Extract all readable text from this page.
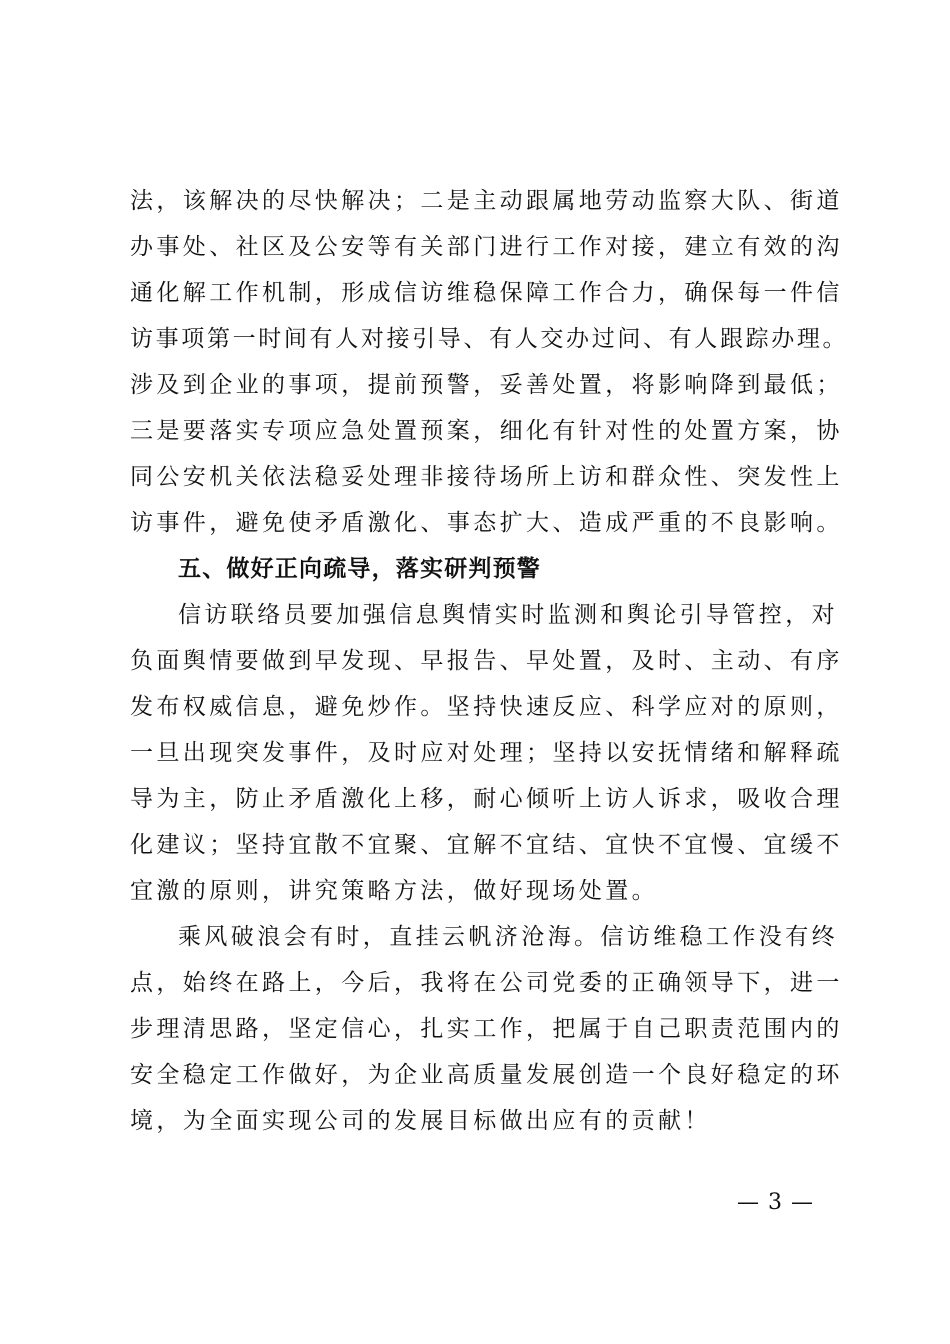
法，该解决的尽快解决；二是主动跟属地劳动监察大队、街道
办事处、社区及公安等有关部门进行工作对接，建立有效的沟
通化解工作机制，形成信访维稳保障工作合力，确保每一件信
访事项第一时间有人对接引导、有人交办过问、有人跟踪办理。
涉及到企业的事项，提前预警，妥善处置，将影响降到最低；
三是要落实专项应急处置预案，细化有针对性的处置方案，协
同公安机关依法稳妥处理非接待场所上访和群众性、突发性上
访事件，避免使矛盾激化、事态扩大、造成严重的不良影响。
五、做好正向疏导，落实研判预警
信访联络员要加强信息舆情实时监测和舆论引导管控，对
负面舆情要做到早发现、早报告、早处置，及时、主动、有序
发布权威信息，避免炒作。坚持快速反应、科学应对的原则，
一旦出现突发事件，及时应对处理；坚持以安抚情绪和解释疏
导为主，防止矛盾激化上移，耐心倾听上访人诉求，吸收合理
化建议；坚持宜散不宜聚、宜解不宜结、宜快不宜慢、宜缓不
宜激的原则，讲究策略方法，做好现场处置。
乘风破浪会有时，直挂云帆济沧海。信访维稳工作没有终
点，始终在路上，今后，我将在公司党委的正确领导下，进一
步理清思路，坚定信心，扎实工作，把属于自己职责范围内的
安全稳定工作做好，为企业高质量发展创造一个良好稳定的环
境，为全面实现公司的发展目标做出应有的贡献！
— 3 —
